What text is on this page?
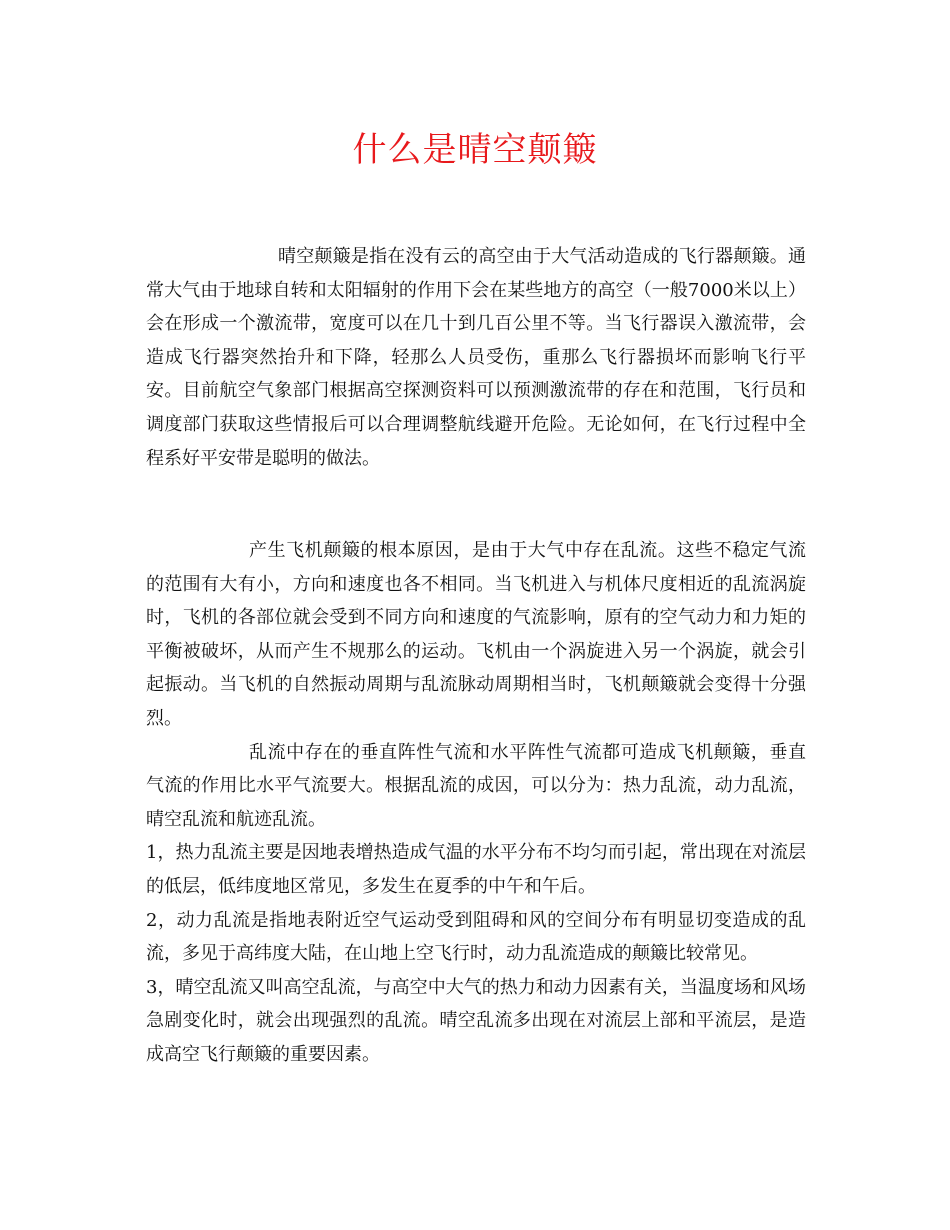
什么是晴空颠簸

晴空颠簸是指在没有云的高空由于大气活动造成的飞行器颠簸。通常大气由于地球自转和太阳辐射的作用下会在某些地方的高空（一般7000米以上）会在形成一个激流带，宽度可以在几十到几百公里不等。当飞行器误入激流带，会造成飞行器突然抬升和下降，轻那么人员受伤，重那么飞行器损坏而影响飞行平安。目前航空气象部门根据高空探测资料可以预测激流带的存在和范围，飞行员和调度部门获取这些情报后可以合理调整航线避开危险。无论如何，在飞行过程中全程系好平安带是聪明的做法。

产生飞机颠簸的根本原因，是由于大气中存在乱流。这些不稳定气流的范围有大有小，方向和速度也各不相同。当飞机进入与机体尺度相近的乱流涡旋时，飞机的各部位就会受到不同方向和速度的气流影响，原有的空气动力和力矩的平衡被破坏，从而产生不规那么的运动。飞机由一个涡旋进入另一个涡旋，就会引起振动。当飞机的自然振动周期与乱流脉动周期相当时，飞机颠簸就会变得十分强烈。

乱流中存在的垂直阵性气流和水平阵性气流都可造成飞机颠簸，垂直气流的作用比水平气流要大。根据乱流的成因，可以分为：热力乱流，动力乱流，晴空乱流和航迹乱流。

1，热力乱流主要是因地表增热造成气温的水平分布不均匀而引起，常出现在对流层的低层，低纬度地区常见，多发生在夏季的中午和午后。

2，动力乱流是指地表附近空气运动受到阻碍和风的空间分布有明显切变造成的乱流，多见于高纬度大陆，在山地上空飞行时，动力乱流造成的颠簸比较常见。

3，晴空乱流又叫高空乱流，与高空中大气的热力和动力因素有关，当温度场和风场急剧变化时，就会出现强烈的乱流。晴空乱流多出现在对流层上部和平流层，是造成高空飞行颠簸的重要因素。
